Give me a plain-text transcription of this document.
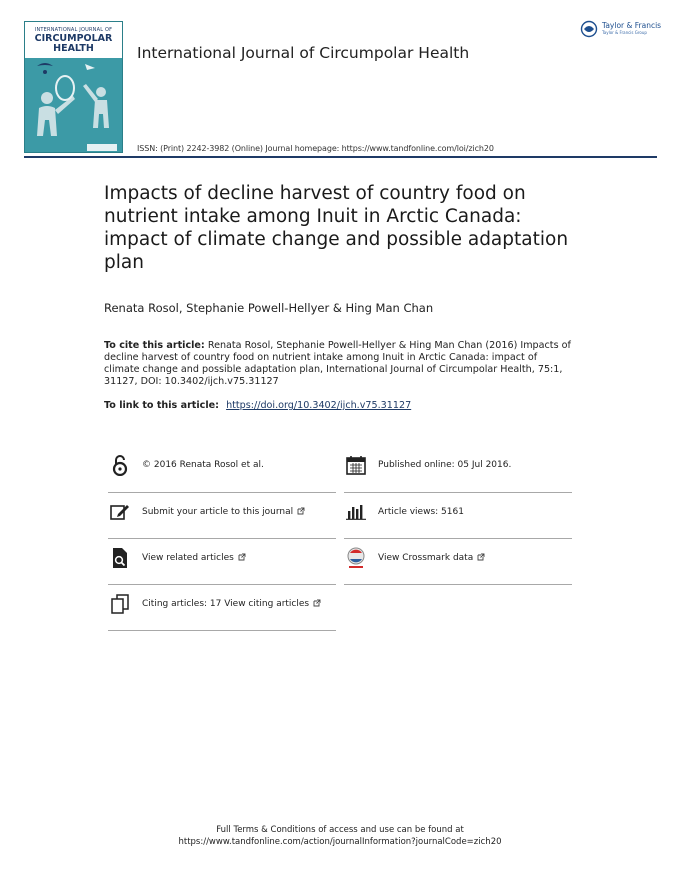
INTERNATIONAL JOURNAL OF
CIRCUMPOLAR
HEALTH	International Journal of Circumpolar Health
Taylor & Francis
Taylor & Francis Group
ISSN: (Print) 2242-3982 (Online) Journal homepage: https://www.tandfonline.com/loi/zich20
Impacts of decline harvest of country food on nutrient intake among Inuit in Arctic Canada: impact of climate change and possible adaptation plan
Renata Rosol, Stephanie Powell-Hellyer & Hing Man Chan
To cite this article: Renata Rosol, Stephanie Powell-Hellyer & Hing Man Chan (2016) Impacts of decline harvest of country food on nutrient intake among Inuit in Arctic Canada: impact of climate change and possible adaptation plan, International Journal of Circumpolar Health, 75:1, 31127, DOI: 10.3402/ijch.v75.31127
To link to this article: https://doi.org/10.3402/ijch.v75.31127
© 2016 Renata Rosol et al.
Submit your article to this journal
View related articles
Citing articles: 17 View citing articles
Published online: 05 Jul 2016.
Article views: 5161
View Crossmark data
Full Terms & Conditions of access and use can be found at
https://www.tandfonline.com/action/journalInformation?journalCode=zich20
